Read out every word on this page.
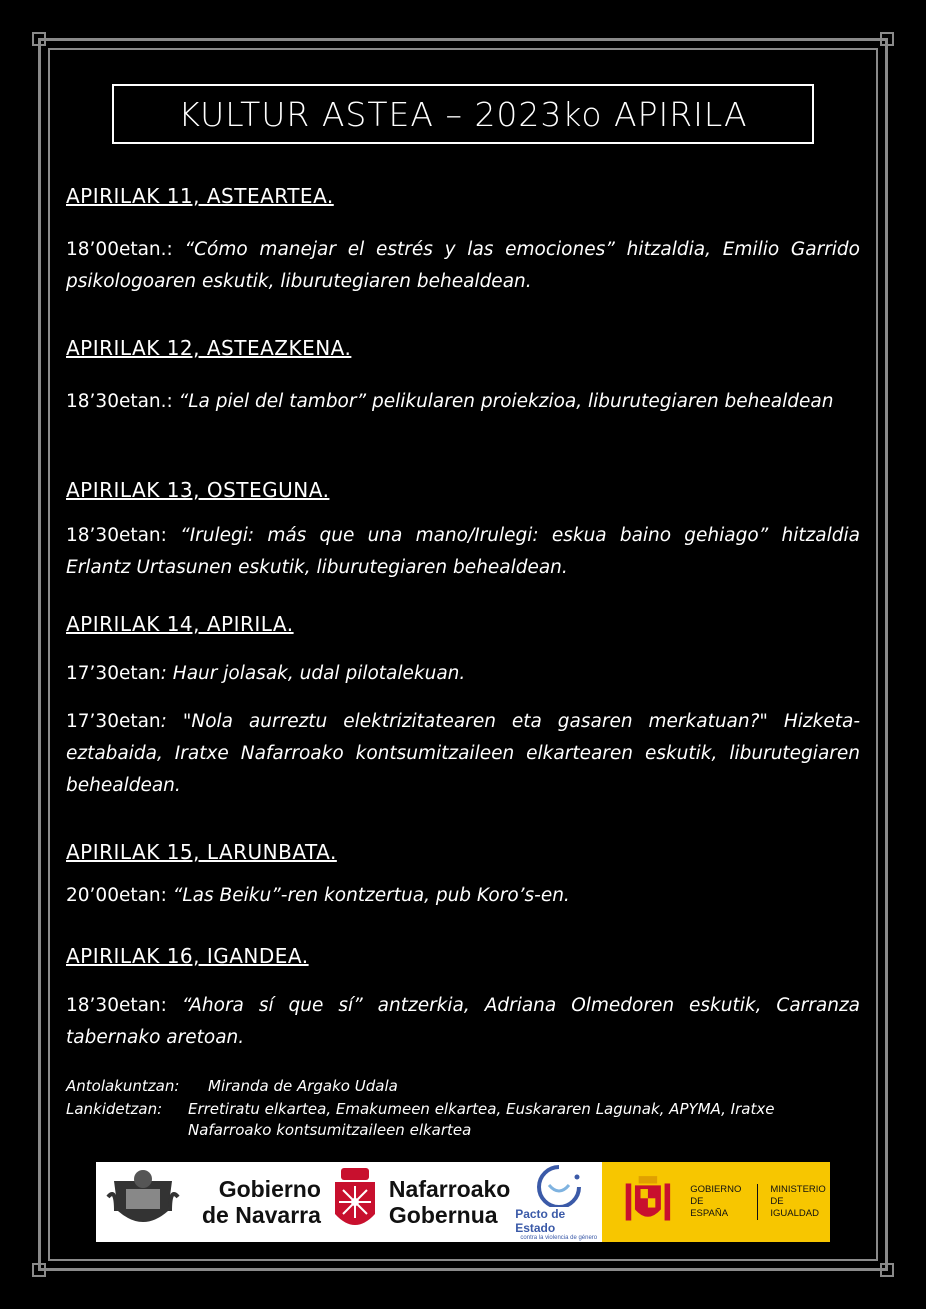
KULTUR ASTEA – 2023ko APIRILA

APIRILAK 11, ASTEARTEA.

18’00etan.: “Cómo manejar el estrés y las emociones” hitzaldia, Emilio Garrido psikologoaren eskutik, liburutegiaren behealdean.

APIRILAK 12, ASTEAZKENA.

18’30etan.: “La piel del tambor” pelikularen proiekzioa, liburutegiaren behealdean

APIRILAK 13, OSTEGUNA.

18’30etan: “Irulegi: más que una mano/Irulegi: eskua baino gehiago” hitzaldia Erlantz Urtasunen eskutik, liburutegiaren behealdean.

APIRILAK 14, APIRILA.

17’30etan: Haur jolasak, udal pilotalekuan.

17’30etan: "Nola aurreztu elektrizitatearen eta gasaren merkatuan?" Hizketa-eztabaida, Iratxe Nafarroako kontsumitzaileen elkartearen eskutik, liburutegiaren behealdean.

APIRILAK 15, LARUNBATA.

20’00etan: “Las Beiku”-ren kontzertua, pub Koro’s-en.

APIRILAK 16, IGANDEA.

18’30etan: “Ahora sí que sí” antzerkia, Adriana Olmedoren eskutik, Carranza tabernako aretoan.

Antolakuntzan:	Miranda de Argako Udala
Lankidetzan:	Erretiratu elkartea, Emakumeen elkartea, Euskararen Lagunak, APYMA, Iratxe Nafarroako kontsumitzaileen elkartea
Gobierno
de Navarra
Nafarroako
Gobernua	Pacto de Estado
contra la violencia de género
GOBIERNO
DE ESPAÑA
MINISTERIO
DE IGUALDAD
